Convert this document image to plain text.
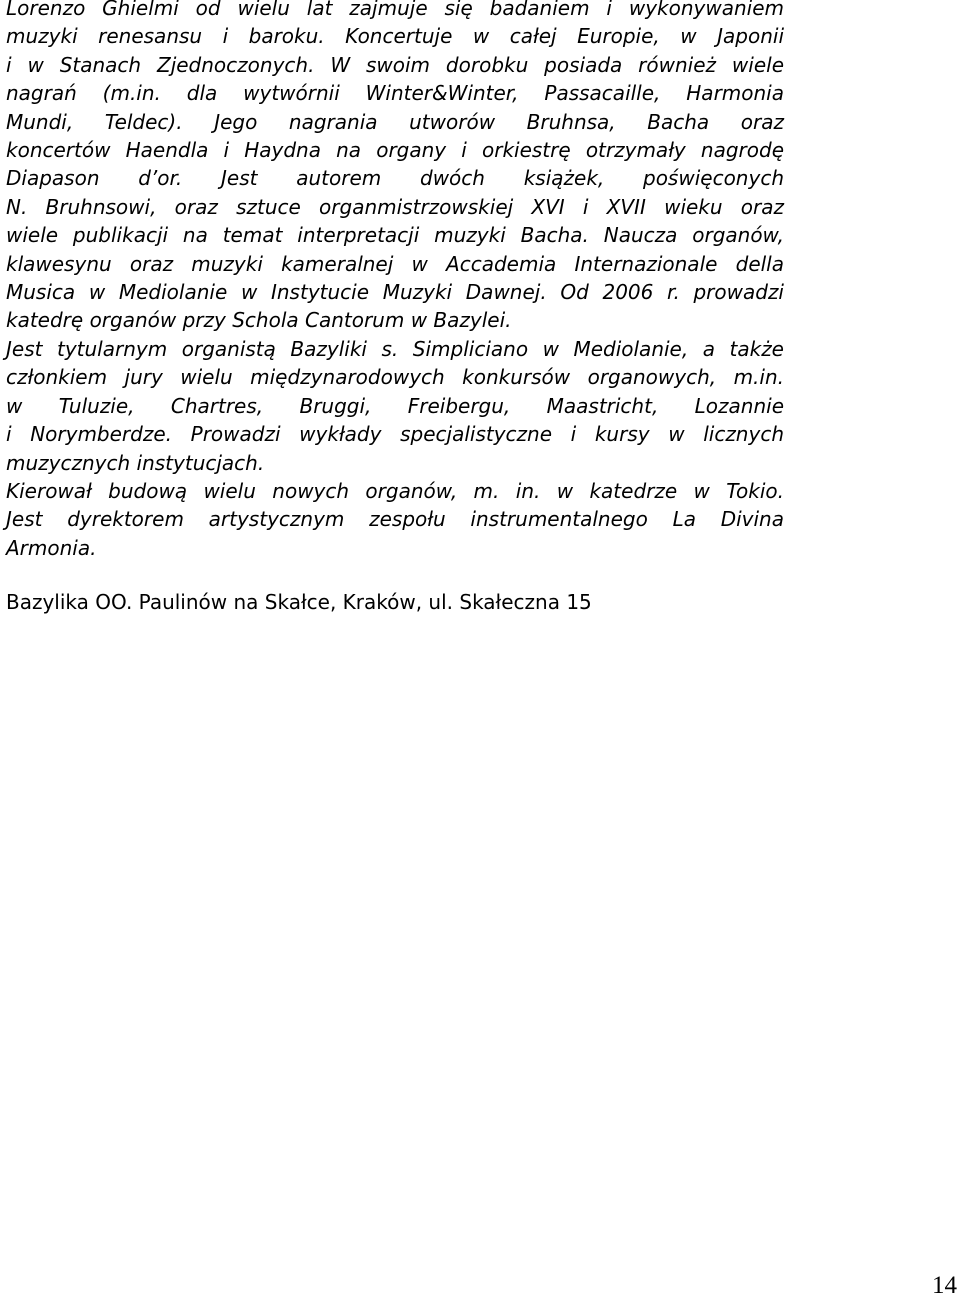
Lorenzo Ghielmi od wielu lat zajmuje się badaniem i wykonywaniem
muzyki renesansu i baroku. Koncertuje w całej Europie, w Japonii
i w Stanach Zjednoczonych. W swoim dorobku posiada również wiele
nagrań (m.in. dla wytwórnii Winter&Winter, Passacaille, Harmonia
Mundi, Teldec). Jego nagrania utworów Bruhnsa, Bacha oraz
koncertów Haendla i Haydna na organy i orkiestrę otrzymały nagrodę
Diapason d’or. Jest autorem dwóch książek, poświęconych
N. Bruhnsowi, oraz sztuce organmistrzowskiej XVI i XVII wieku oraz
wiele publikacji na temat interpretacji muzyki Bacha. Naucza organów,
klawesynu oraz muzyki kameralnej w Accademia Internazionale della
Musica w Mediolanie w Instytucie Muzyki Dawnej. Od 2006 r. prowadzi
katedrę organów przy Schola Cantorum w Bazylei.
Jest tytularnym organistą Bazyliki s. Simpliciano w Mediolanie, a także
członkiem jury wielu międzynarodowych konkursów organowych, m.in.
w Tuluzie, Chartres, Bruggi, Freibergu, Maastricht, Lozannie
i Norymberdze. Prowadzi wykłady specjalistyczne i kursy w licznych
muzycznych instytucjach.
Kierował budową wielu nowych organów, m. in. w katedrze w Tokio.
Jest dyrektorem artystycznym zespołu instrumentalnego La Divina
Armonia.
Bazylika OO. Paulinów na Skałce, Kraków, ul. Skałeczna 15
14
